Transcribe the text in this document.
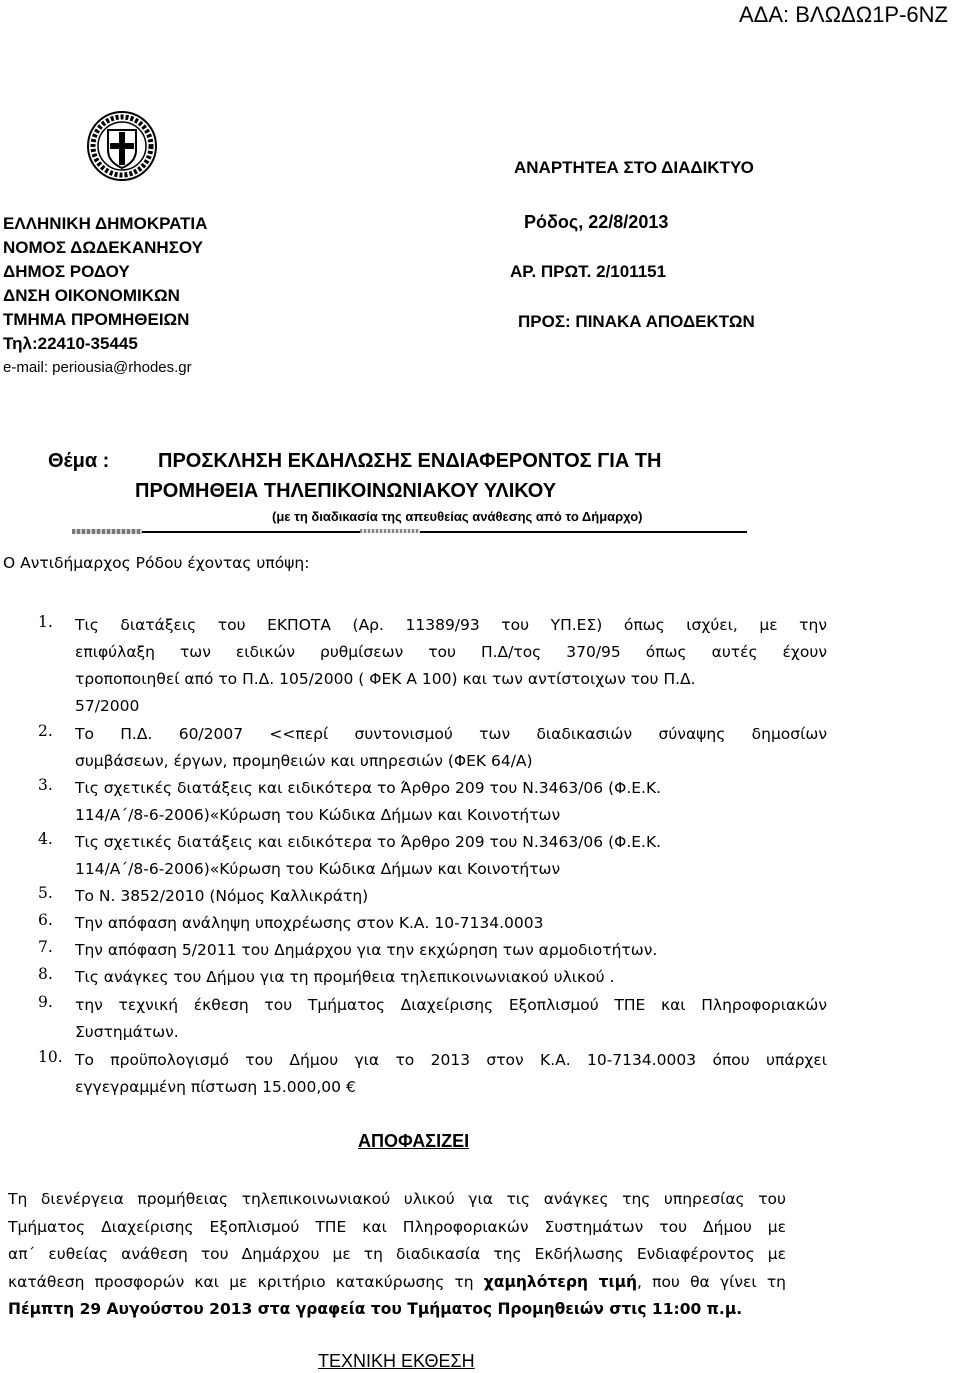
ΑΔΑ: ΒΛΩΔΩ1Ρ-6ΝΖ
ΑΝΑΡΤΗΤΕΑ ΣΤΟ ΔΙΑΔΙΚΤΥΟ
ΕΛΛΗΝΙΚΗ ΔΗΜΟΚΡΑΤΙΑ
ΝΟΜΟΣ ΔΩΔΕΚΑΝΗΣΟΥ
ΔΗΜΟΣ ΡΟΔΟΥ
ΔΝΣΗ ΟΙΚΟΝΟΜΙΚΩΝ
ΤΜΗΜΑ ΠΡΟΜΗΘΕΙΩΝ
Τηλ:22410-35445
e-mail: periousia@rhodes.gr
Ρόδος, 22/8/2013
ΑΡ. ΠΡΩΤ. 2/101151
ΠΡΟΣ: ΠΙΝΑΚΑ ΑΠΟΔΕΚΤΩΝ
Θέμα : ΠΡΟΣΚΛΗΣΗ ΕΚΔΗΛΩΣΗΣ ΕΝΔΙΑΦΕΡΟΝΤΟΣ ΓΙΑ ΤΗ
ΠΡΟΜΗΘΕΙΑ ΤΗΛΕΠΙΚΟΙΝΩΝΙΑΚΟΥ ΥΛΙΚΟΥ
(με τη διαδικασία της απευθείας ανάθεσης από το Δήμαρχο)
Ο Αντιδήμαρχος Ρόδου έχοντας υπόψη:
1. Τις διατάξεις του ΕΚΠΟΤΑ (Αρ. 11389/93 του ΥΠ.ΕΣ) όπως ισχύει, με την
επιφύλαξη των ειδικών ρυθμίσεων του Π.Δ/τος 370/95 όπως αυτές έχουν
τροποποιηθεί από το Π.Δ. 105/2000 ( ΦΕΚ Α 100) και των αντίστοιχων του Π.Δ.
57/2000
2. Το Π.Δ. 60/2007 <<περί συντονισμού των διαδικασιών σύναψης δημοσίων
συμβάσεων, έργων, προμηθειών και υπηρεσιών (ΦΕΚ 64/Α)
3. Τις σχετικές διατάξεις και ειδικότερα το Άρθρο 209 του Ν.3463/06 (Φ.Ε.Κ.
114/Α΄/8-6-2006)«Κύρωση του Κώδικα Δήμων και Κοινοτήτων
4. Τις σχετικές διατάξεις και ειδικότερα το Άρθρο 209 του Ν.3463/06 (Φ.Ε.Κ.
114/Α΄/8-6-2006)«Κύρωση του Κώδικα Δήμων και Κοινοτήτων
5. Το Ν. 3852/2010 (Νόμος Καλλικράτη)
6. Την απόφαση ανάληψη υποχρέωσης στον Κ.Α. 10-7134.0003
7. Την απόφαση 5/2011 του Δημάρχου για την εκχώρηση των αρμοδιοτήτων.
8. Τις ανάγκες του Δήμου για τη προμήθεια τηλεπικοινωνιακού υλικού .
9. την τεχνική έκθεση του Τμήματος Διαχείρισης Εξοπλισμού ΤΠΕ και Πληροφοριακών
Συστημάτων.
10. Το προϋπολογισμό του Δήμου για το 2013 στον Κ.Α. 10-7134.0003 όπου υπάρχει
εγγεγραμμένη πίστωση 15.000,00 €
ΑΠΟΦΑΣΙΖΕΙ
Τη διενέργεια προμήθειας τηλεπικοινωνιακού υλικού για τις ανάγκες της υπηρεσίας του
Τμήματος Διαχείρισης Εξοπλισμού ΤΠΕ και Πληροφοριακών Συστημάτων του Δήμου με
απ΄ ευθείας ανάθεση του Δημάρχου με τη διαδικασία της Εκδήλωσης Ενδιαφέροντος με
κατάθεση προσφορών και με κριτήριο κατακύρωσης τη χαμηλότερη τιμή, που θα γίνει τη
Πέμπτη 29 Αυγούστου 2013 στα γραφεία του Τμήματος Προμηθειών στις 11:00 π.μ.
ΤΕΧΝΙΚΗ ΕΚΘΕΣΗ
